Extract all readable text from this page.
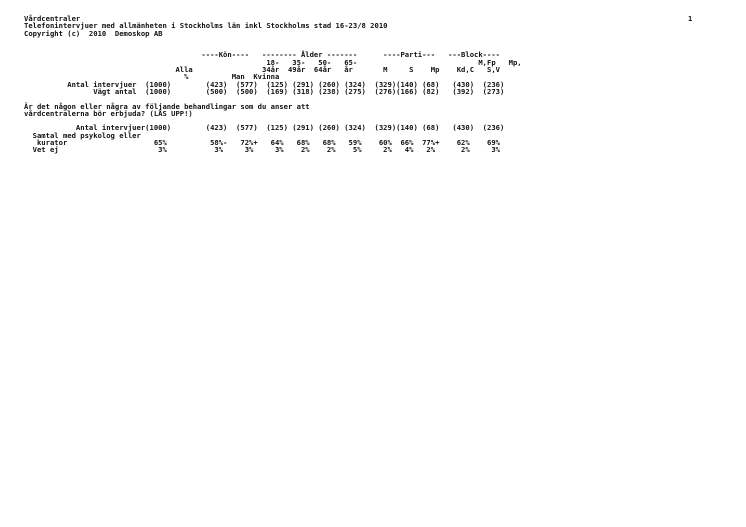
1
Vårdcentraler
Telefonintervjuer med allmänheten i Stockholms län inkl Stockholms stad 16-23/8 2010
Copyright (c)  2010  Demoskop AB
----Kön----   -------- Ålder -------      ----Parti---   ---Block----
18-   35-   50-   65-                            M,Fp   Mp,
Alla                34år  49år  64år   år       M     S    Mp    Kd,C   S,V
%          Man  Kvinna
Antal intervjuer  (1000)        (423)  (577)  (125) (291) (260) (324)  (329)(140) (68)   (430)  (236)
Vägt antal  (1000)        (500)  (500)  (169) (318) (238) (275)  (276)(166) (82)   (392)  (273)
Är det någon eller några av följande behandlingar som du anser att
vårdcentralerna bör erbjuda? (LÄS UPP!)
Antal intervjuer(1000)        (423)  (577)  (125) (291) (260) (324)  (329)(140) (68)   (430)  (236)
Samtal med psykolog eller
kurator                    65%          58%-   72%+   64%   68%   68%   59%    60%  66%  77%+    62%    69%
Vet ej                       3%           3%     3%     3%    2%    2%    5%     2%   4%   2%      2%     3%
